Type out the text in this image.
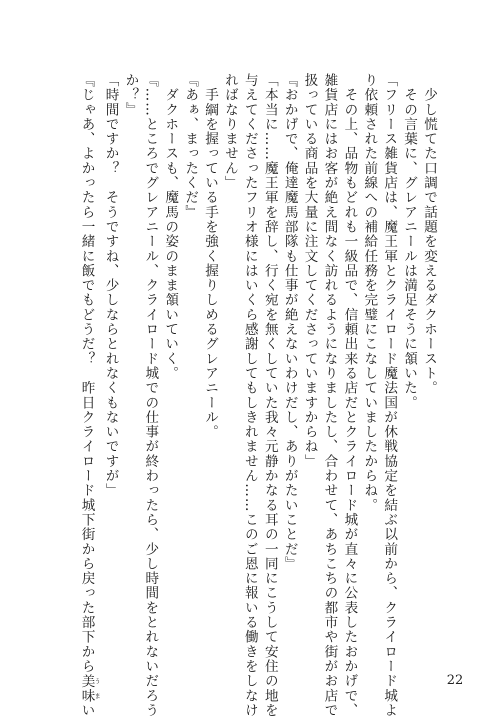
　少し慌てた口調で話題を変えるダクホースト。
　その言葉に、グレアニールは満足そうに頷いた。
「フリース雑貨店は、魔王軍とクライロード魔法国が休戦協定を結ぶ以前から、クライロード城よ
り依頼された前線への補給任務を完璧にこなしていましたからね。
　その上、品物もどれも一級品で、信頼出来る店だとクライロード城が直々に公表したおかげで、
雑貨店にはお客が絶え間なく訪れるようになりましたし、合わせて、あちこちの都市や街がお店で
扱っている商品を大量に注文してくださっていますからね」
『おかげで、俺達魔馬部隊も仕事が絶えないわけだし、ありがたいことだ』
「本当に……魔王軍を辞し、行く宛を無くしていた我々元静かなる耳の一同にこうして安住の地を
与えてくださったフリオ様にはいくら感謝してもしきれません……このご恩に報いる働きをしなけ
ればなりません」
　手綱を握っている手を強く握りしめるグレアニール。
『あぁ、まったくだ』
　ダクホースも、魔馬の姿のまま頷いていく。
『……ところでグレアニール、クライロード城での仕事が終わったら、少し時間をとれないだろう
か？』
「時間ですか？　そうですね、少しならとれなくもないですが」
『じゃあ、よかったら一緒に飯でもどうだ？　昨日クライロード城下街から戻った部下から美味うまい
22
